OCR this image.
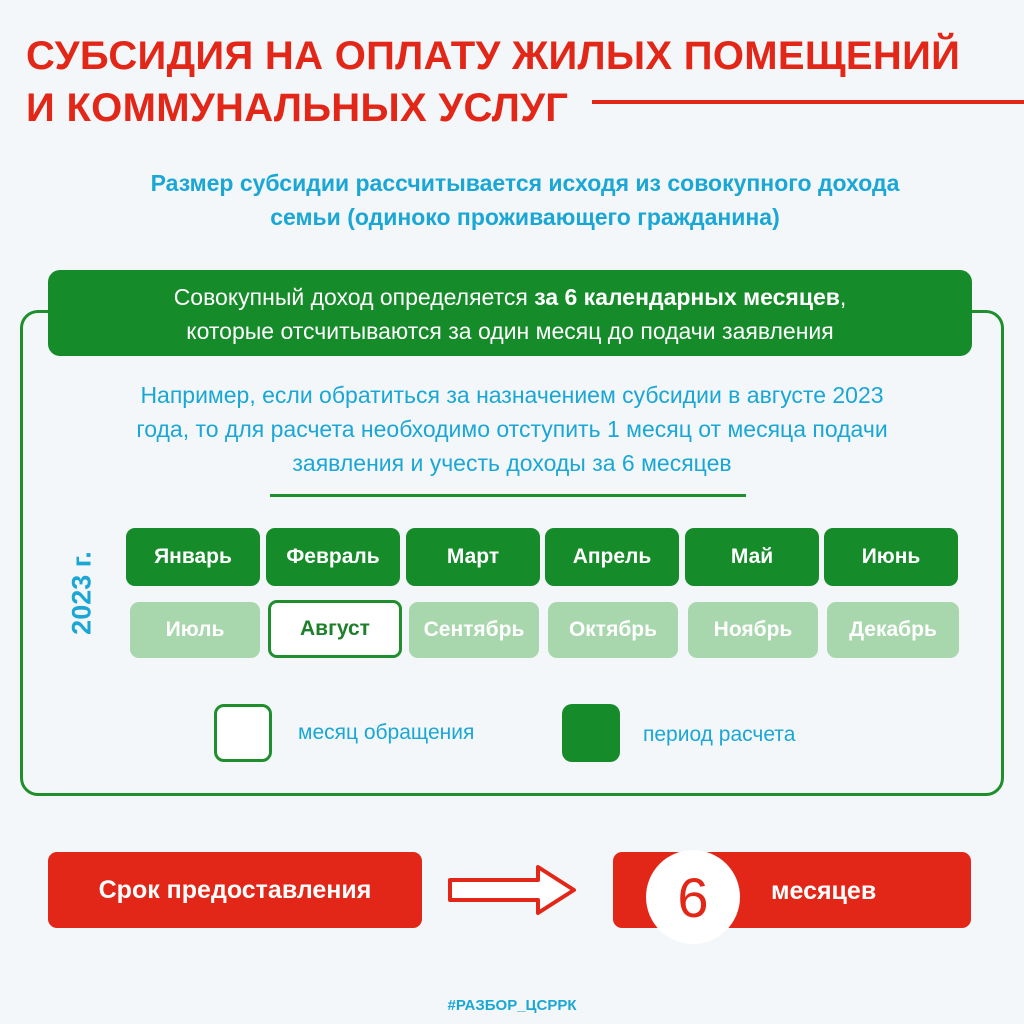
СУБСИДИЯ НА ОПЛАТУ ЖИЛЫХ ПОМЕЩЕНИЙ
И КОММУНАЛЬНЫХ УСЛУГ
Размер субсидии рассчитывается исходя из совокупного дохода
семьи (одиноко проживающего гражданина)
Совокупный доход определяется за 6 календарных месяцев,
которые отсчитываются за один месяц до подачи заявления
Например, если обратиться за назначением субсидии в августе 2023
года, то для расчета необходимо отступить 1 месяц от месяца подачи
заявления и учесть доходы за 6 месяцев
2023 г.	Январь	Февраль	Март	Апрель	Май	Июнь
Июль	Август	Сентябрь	Октябрь	Ноябрь	Декабрь
месяц обращения	период расчета
Срок предоставления	месяцев
6
#РАЗБОР_ЦСРРК
